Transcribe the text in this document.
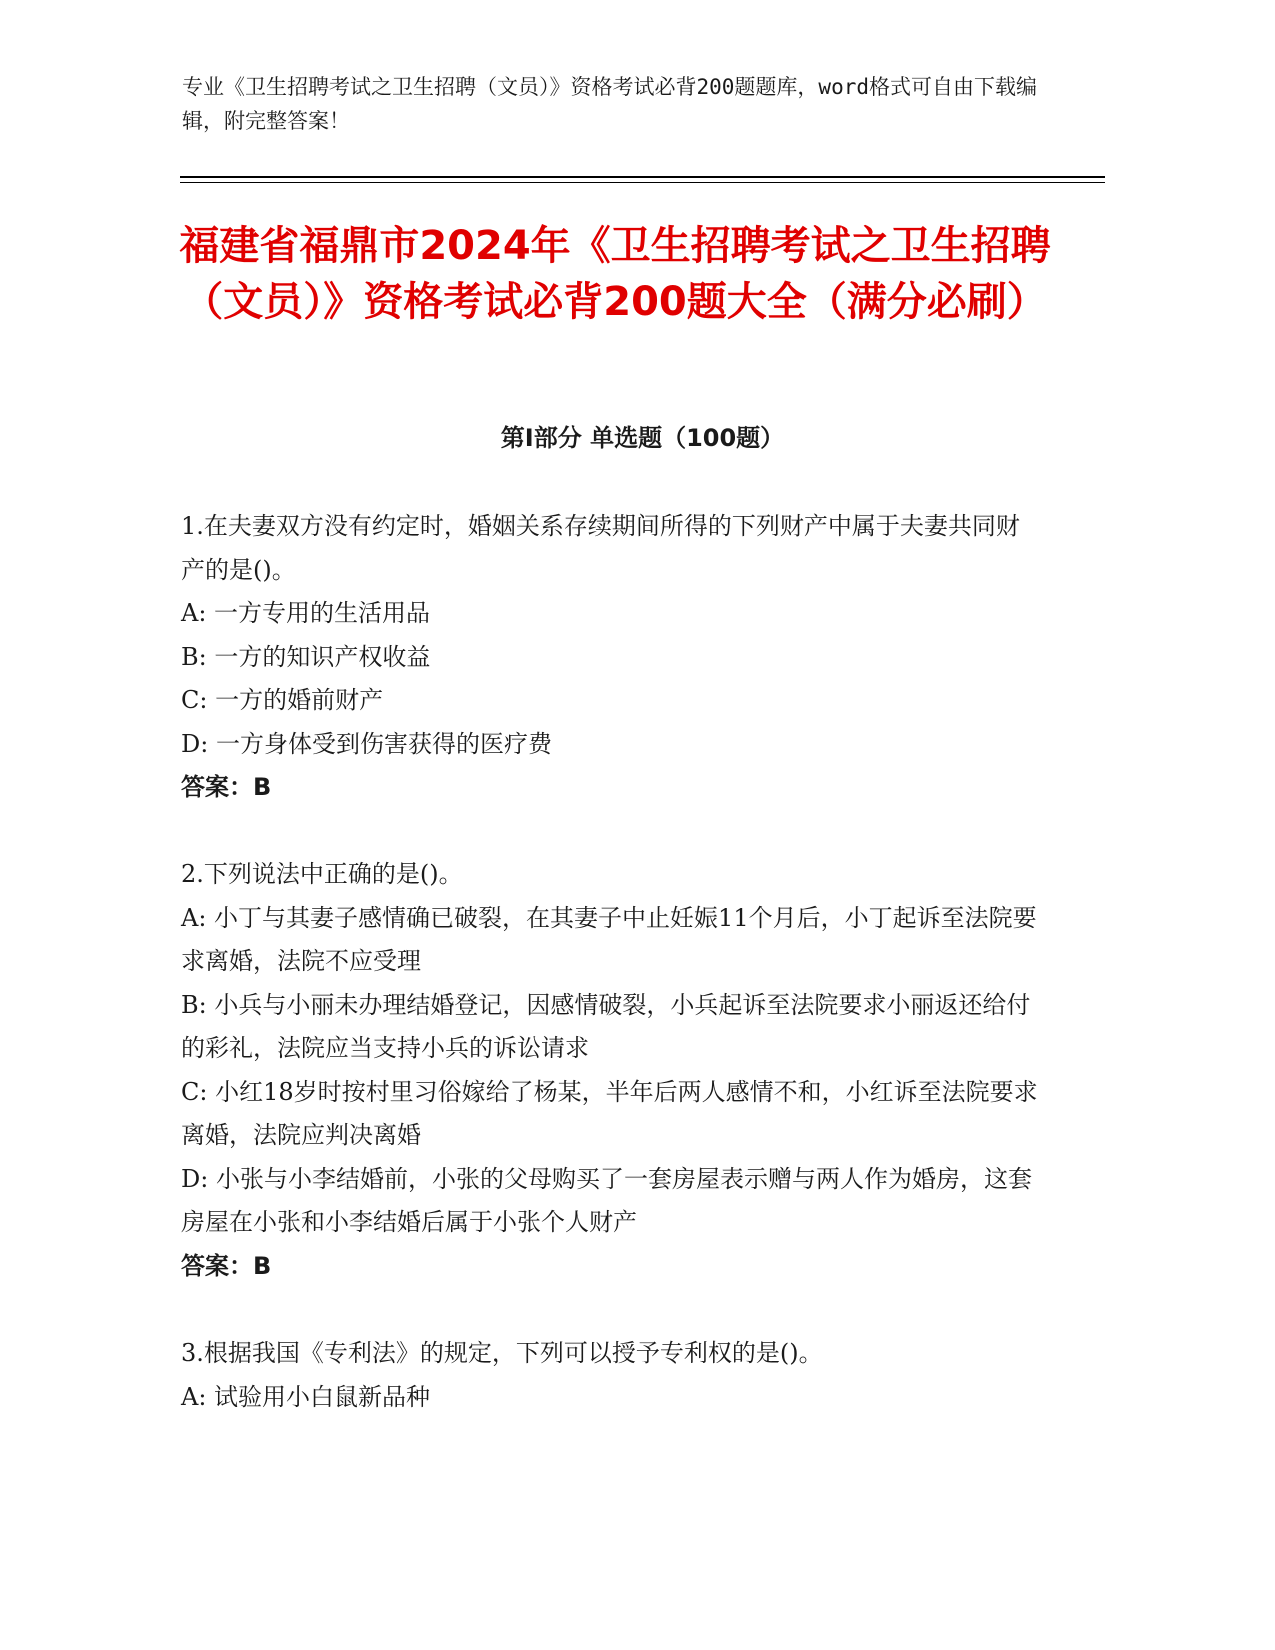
专业《卫生招聘考试之卫生招聘（文员）》资格考试必背200题题库，word格式可自由下载编辑，附完整答案！
福建省福鼎市2024年《卫生招聘考试之卫生招聘（文员）》资格考试必背200题大全（满分必刷）
第I部分 单选题（100题）
1.在夫妻双方没有约定时，婚姻关系存续期间所得的下列财产中属于夫妻共同财产的是()。
A: 一方专用的生活用品
B: 一方的知识产权收益
C: 一方的婚前财产
D: 一方身体受到伤害获得的医疗费
答案：B
2.下列说法中正确的是()。
A: 小丁与其妻子感情确已破裂，在其妻子中止妊娠11个月后，小丁起诉至法院要求离婚，法院不应受理
B: 小兵与小丽未办理结婚登记，因感情破裂，小兵起诉至法院要求小丽返还给付的彩礼，法院应当支持小兵的诉讼请求
C: 小红18岁时按村里习俗嫁给了杨某，半年后两人感情不和，小红诉至法院要求离婚，法院应判决离婚
D: 小张与小李结婚前，小张的父母购买了一套房屋表示赠与两人作为婚房，这套房屋在小张和小李结婚后属于小张个人财产
答案：B
3.根据我国《专利法》的规定，下列可以授予专利权的是()。
A: 试验用小白鼠新品种
